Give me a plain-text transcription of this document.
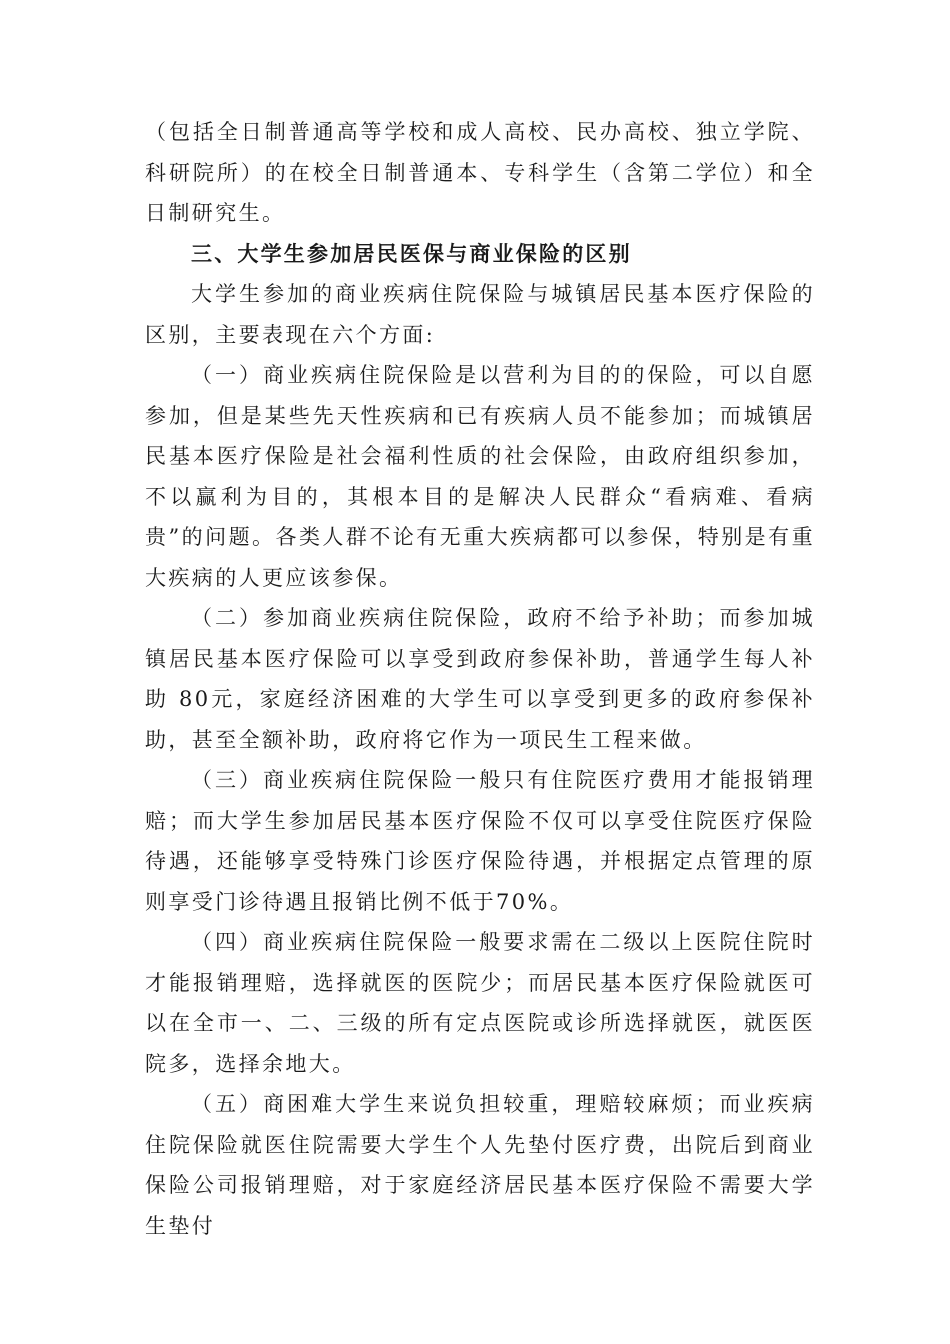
（包括全日制普通高等学校和成人高校、民办高校、独立学院、科研院所）的在校全日制普通本、专科学生（含第二学位）和全日制研究生。

三、大学生参加居民医保与商业保险的区别

大学生参加的商业疾病住院保险与城镇居民基本医疗保险的区别，主要表现在六个方面:

（一）商业疾病住院保险是以营利为目的的保险，可以自愿参加，但是某些先天性疾病和已有疾病人员不能参加；而城镇居民基本医疗保险是社会福利性质的社会保险，由政府组织参加，不以赢利为目的，其根本目的是解决人民群众“看病难、看病贵”的问题。各类人群不论有无重大疾病都可以参保，特别是有重大疾病的人更应该参保。

（二）参加商业疾病住院保险，政府不给予补助；而参加城镇居民基本医疗保险可以享受到政府参保补助，普通学生每人补助 80元，家庭经济困难的大学生可以享受到更多的政府参保补助，甚至全额补助，政府将它作为一项民生工程来做。

（三）商业疾病住院保险一般只有住院医疗费用才能报销理赔；而大学生参加居民基本医疗保险不仅可以享受住院医疗保险待遇，还能够享受特殊门诊医疗保险待遇，并根据定点管理的原则享受门诊待遇且报销比例不低于70%。

（四）商业疾病住院保险一般要求需在二级以上医院住院时才能报销理赔，选择就医的医院少；而居民基本医疗保险就医可以在全市一、二、三级的所有定点医院或诊所选择就医，就医医院多，选择余地大。

（五）商困难大学生来说负担较重，理赔较麻烦；而业疾病住院保险就医住院需要大学生个人先垫付医疗费，出院后到商业保险公司报销理赔，对于家庭经济居民基本医疗保险不需要大学生垫付
